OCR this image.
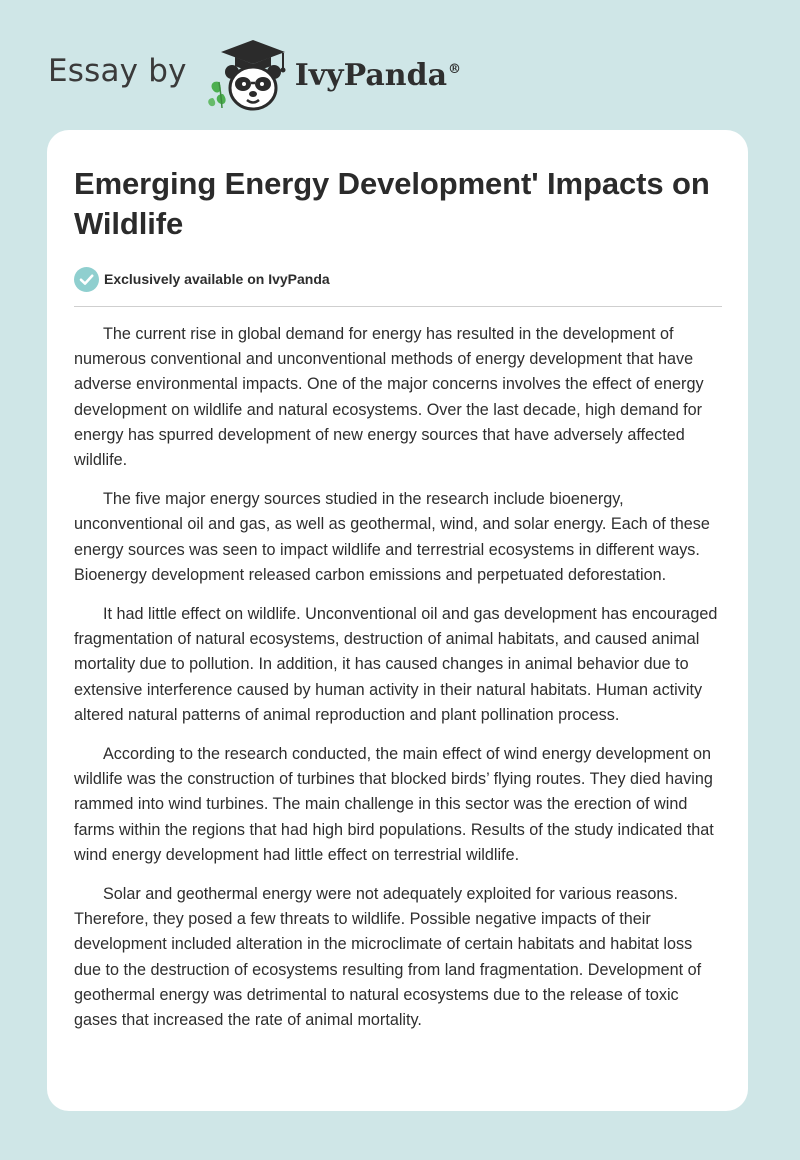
Essay by	IvyPanda®
Emerging Energy Development' Impacts on Wildlife
Exclusively available on IvyPanda

The current rise in global demand for energy has resulted in the development of numerous conventional and unconventional methods of energy development that have adverse environmental impacts. One of the major concerns involves the effect of energy development on wildlife and natural ecosystems. Over the last decade, high demand for energy has spurred development of new energy sources that have adversely affected wildlife.

The five major energy sources studied in the research include bioenergy, unconventional oil and gas, as well as geothermal, wind, and solar energy. Each of these energy sources was seen to impact wildlife and terrestrial ecosystems in different ways. Bioenergy development released carbon emissions and perpetuated deforestation.

It had little effect on wildlife. Unconventional oil and gas development has encouraged fragmentation of natural ecosystems, destruction of animal habitats, and caused animal mortality due to pollution. In addition, it has caused changes in animal behavior due to extensive interference caused by human activity in their natural habitats. Human activity altered natural patterns of animal reproduction and plant pollination process.

According to the research conducted, the main effect of wind energy development on wildlife was the construction of turbines that blocked birds’ flying routes. They died having rammed into wind turbines. The main challenge in this sector was the erection of wind farms within the regions that had high bird populations. Results of the study indicated that wind energy development had little effect on terrestrial wildlife.

Solar and geothermal energy were not adequately exploited for various reasons. Therefore, they posed a few threats to wildlife. Possible negative impacts of their development included alteration in the microclimate of certain habitats and habitat loss due to the destruction of ecosystems resulting from land fragmentation. Development of geothermal energy was detrimental to natural ecosystems due to the release of toxic gases that increased the rate of animal mortality.
